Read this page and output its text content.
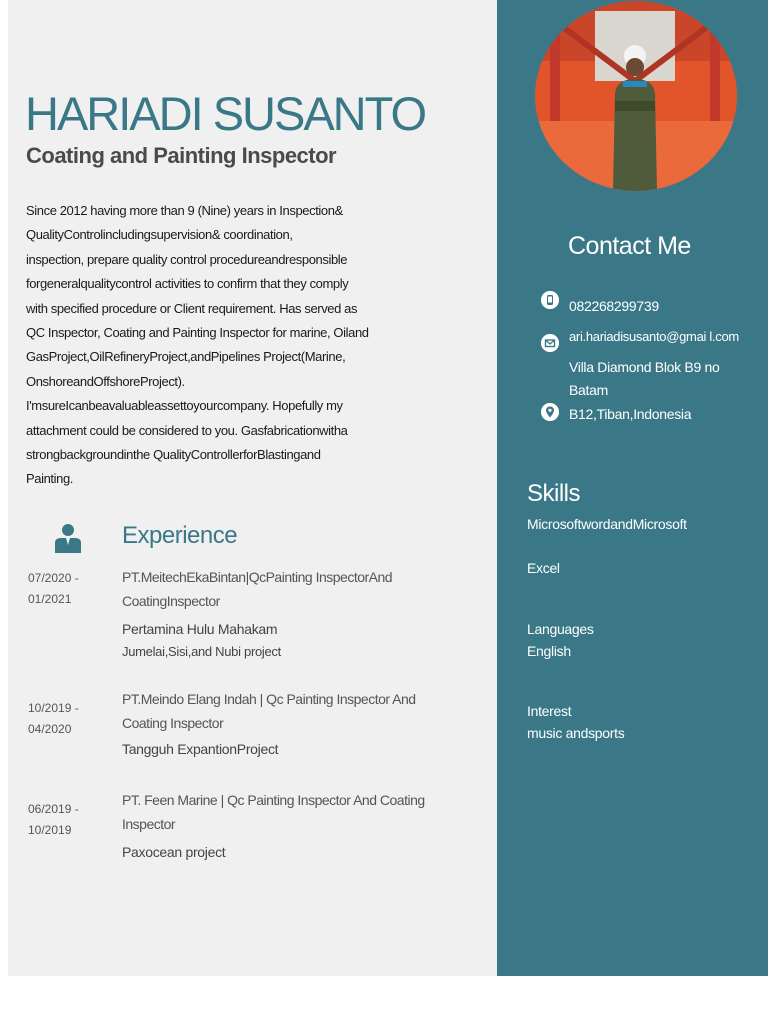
HARIADI SUSANTO
Coating and Painting Inspector
Since 2012 having more than 9 (Nine) years in Inspection&
QualityControlincludingsupervision& coordination,
inspection, prepare quality control procedureandresponsible
forgeneralqualitycontrol activities to confirm that they comply
with specified procedure or Client requirement. Has served as
QC Inspector, Coating and Painting Inspector for marine, Oiland
GasProject,OilRefineryProject,andPipelines Project(Marine,
OnshoreandOffshoreProject).
I'msureIcanbeavaluableassettoyourcompany. Hopefully my
attachment could be considered to you. Gasfabricationwitha
strongbackgroundinthe QualityControllerforBlastingand
Painting.
Experience
07/2020 -
01/2021
PT.MeitechEkaBintan|QcPainting InspectorAnd
CoatingInspector
Pertamina Hulu Mahakam
Jumelai,Sisi,and Nubi project
10/2019 -
04/2020
PT.Meindo Elang Indah | Qc Painting Inspector And
Coating Inspector
Tangguh ExpantionProject
06/2019 -
10/2019
PT. Feen Marine | Qc Painting Inspector And Coating
Inspector
Paxocean project
Contact Me
082268299739
ari.hariadisusanto@gmai l.com
Villa Diamond Blok B9 no
Batam
B12,Tiban,Indonesia
Skills
MicrosoftwordandMicrosoft
Excel
Languages
English
Interest
music andsports
